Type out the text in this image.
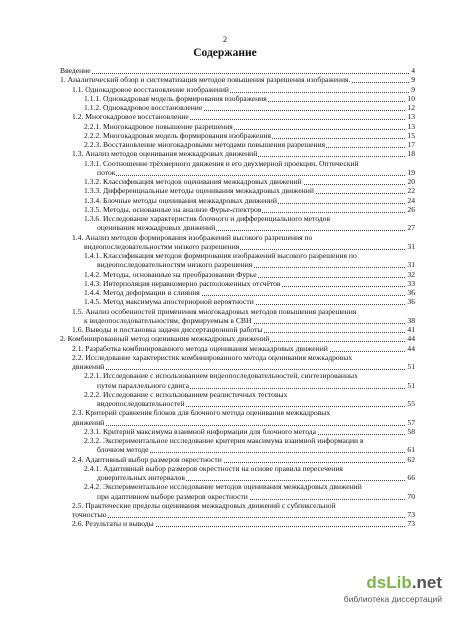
2
Содержание
Введение	4
1. Аналитический обзор и систематизация методов повышения разрешения изображения.	9
1.1. Однокадровое восстановление изображений	9
1.1.1. Однокадровая модель формирования изображения	10
1.1.2. Однокадровое восстановление	12
1.2. Многокадровое восстановление	13
2.2.1. Многокадровое повышение разрешения	13
2.2.2. Многокадровая модель формирования изображения	15
2.2.3. Восстановление многокадровыми методами повышения разрешения	17
1.3. Анализ методов оценивания межкадровых движений	18
1.3.1. Соотношение трёхмерного движения и его двухмерной проекции. Оптический
поток	19
1.3.2. Классификация методов оценивания межкадровых движений	20
1.3.3. Дифференциальные методы оценивания межкадровых движений	22
1.3.4. Блочные методы оценивания межкадровых движений	24
1.3.5. Методы, основанные на анализе Фурье-спектров	26
1.3.6. Исследование характеристик блочного и дифференциального методов
оценивания межкадровых движений	27
1.4. Анализ методов формирования изображений высокого разрешения по
видеопоследовательностям низкого разрешения	31
1.4.1. Классификация методов формирования изображений высокого разрешения по
видеопоследовательностям низкого разрешения	31
1.4.2. Методы, основанные на преобразовании Фурье	32
1.4.3. Интерполяция неравномерно расположенных отсчётов	33
1.4.4. Метод деформации и слияния	36
1.4.5. Метод максимума апостериорной вероятности	36
1.5. Анализ особенностей применения многокадровых методов повышения разрешения
к видеопоследовательностям, формируемым в СВН	38
1.6. Выводы и постановка задачи диссертационной работы	41
2. Комбинированный метод оценивания межкадровых движений	44
2.1. Разработка комбинированного метода оценивания межкадровых движений	44
2.2. Исследование характеристик комбинированного метода оценивания межкадровых
движений	51
2.2.1. Исследование с использованием видеопоследовательностей, синтезированных
путем параллельного сдвига	51
2.2.2. Исследование с использованием реалистичных тестовых
видеопоследовательностей	55
2.3. Критерий сравнения блоков для блочного метода оценивания межкадровых
движений	57
2.3.1. Критерий максимума взаимной информации для блочного метода	58
2.3.2. Экспериментальное исследование критерия максимума взаимной информации в
блочном методе	61
2.4. Адаптивный выбор размеров окрестности	62
2.4.1. Адаптивный выбор размеров окрестности на основе правила пересечения
доверительных интервалов	66
2.4.2. Экспериментальное исследование методов оценивания межкадровых движений
при адаптивном выборе размеров окрестности	70
2.5. Практические пределы оценивания межкадровых движений с субпиксельной
точностью	73
2.6. Результаты и выводы	73
dsLib.net
библиотека диссертаций
